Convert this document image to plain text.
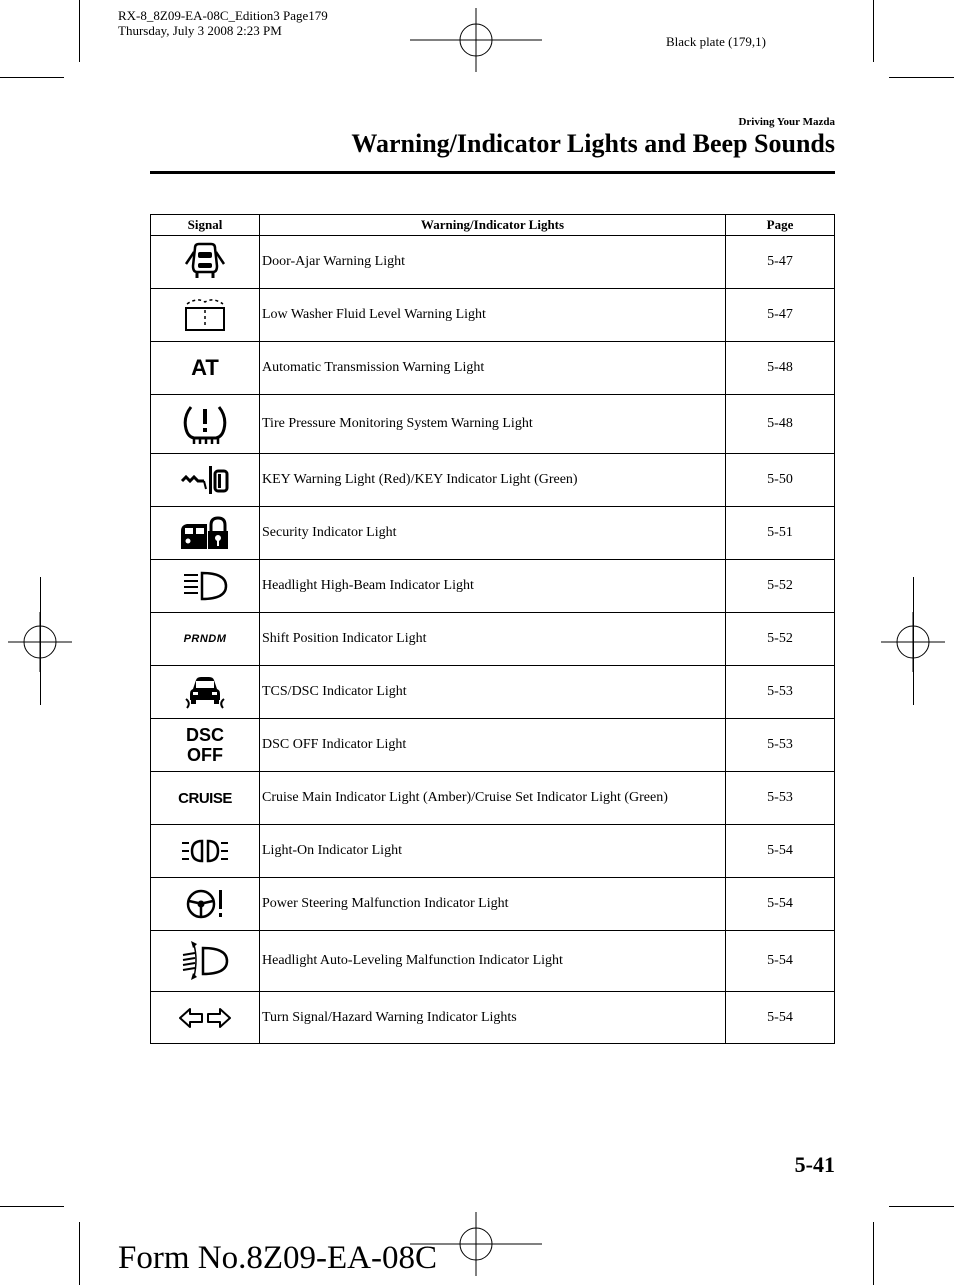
RX-8_8Z09-EA-08C_Edition3 Page179
Thursday, July 3 2008 2:23 PM
Black plate (179,1)
Driving Your Mazda
Warning/Indicator Lights and Beep Sounds
Signal	Warning/Indicator Lights	Page

	Door-Ajar Warning Light	5-47

	Low Washer Fluid Level Warning Light	5-47
AT	Automatic Transmission Warning Light	5-48

	Tire Pressure Monitoring System Warning Light	5-48

	KEY Warning Light (Red)/KEY Indicator Light (Green)	5-50

	Security Indicator Light	5-51

	Headlight High-Beam Indicator Light	5-52
PRNDM	Shift Position Indicator Light	5-52

	TCS/DSC Indicator Light	5-53

DSC
OFF	DSC OFF Indicator Light	5-53
CRUISE	Cruise Main Indicator Light (Amber)/Cruise Set Indicator Light (Green)	5-53

	Light-On Indicator Light	5-54

	Power Steering Malfunction Indicator Light	5-54

	Headlight Auto-Leveling Malfunction Indicator Light	5-54

	Turn Signal/Hazard Warning Indicator Lights	5-54
5-41
Form No.8Z09-EA-08C
